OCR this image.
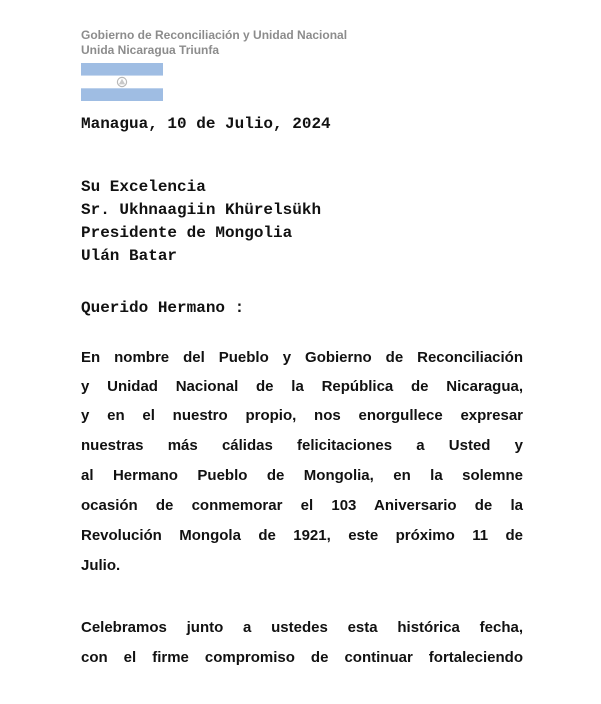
Gobierno de Reconciliación y Unidad Nacional
Unida Nicaragua Triunfa
Managua, 10 de Julio, 2024
Su Excelencia
Sr. Ukhnaagiin Khürelsükh
Presidente de Mongolia
Ulán Batar
Querido Hermano :
En nombre del Pueblo y Gobierno de Reconciliación
y Unidad Nacional de la República de Nicaragua,
y en el nuestro propio, nos enorgullece expresar
nuestras más cálidas felicitaciones a Usted y
al Hermano Pueblo de Mongolia, en la solemne
ocasión de conmemorar el 103 Aniversario de la
Revolución Mongola de 1921, este próximo 11 de
Julio.
Celebramos junto a ustedes esta histórica fecha,
con el firme compromiso de continuar fortaleciendo
